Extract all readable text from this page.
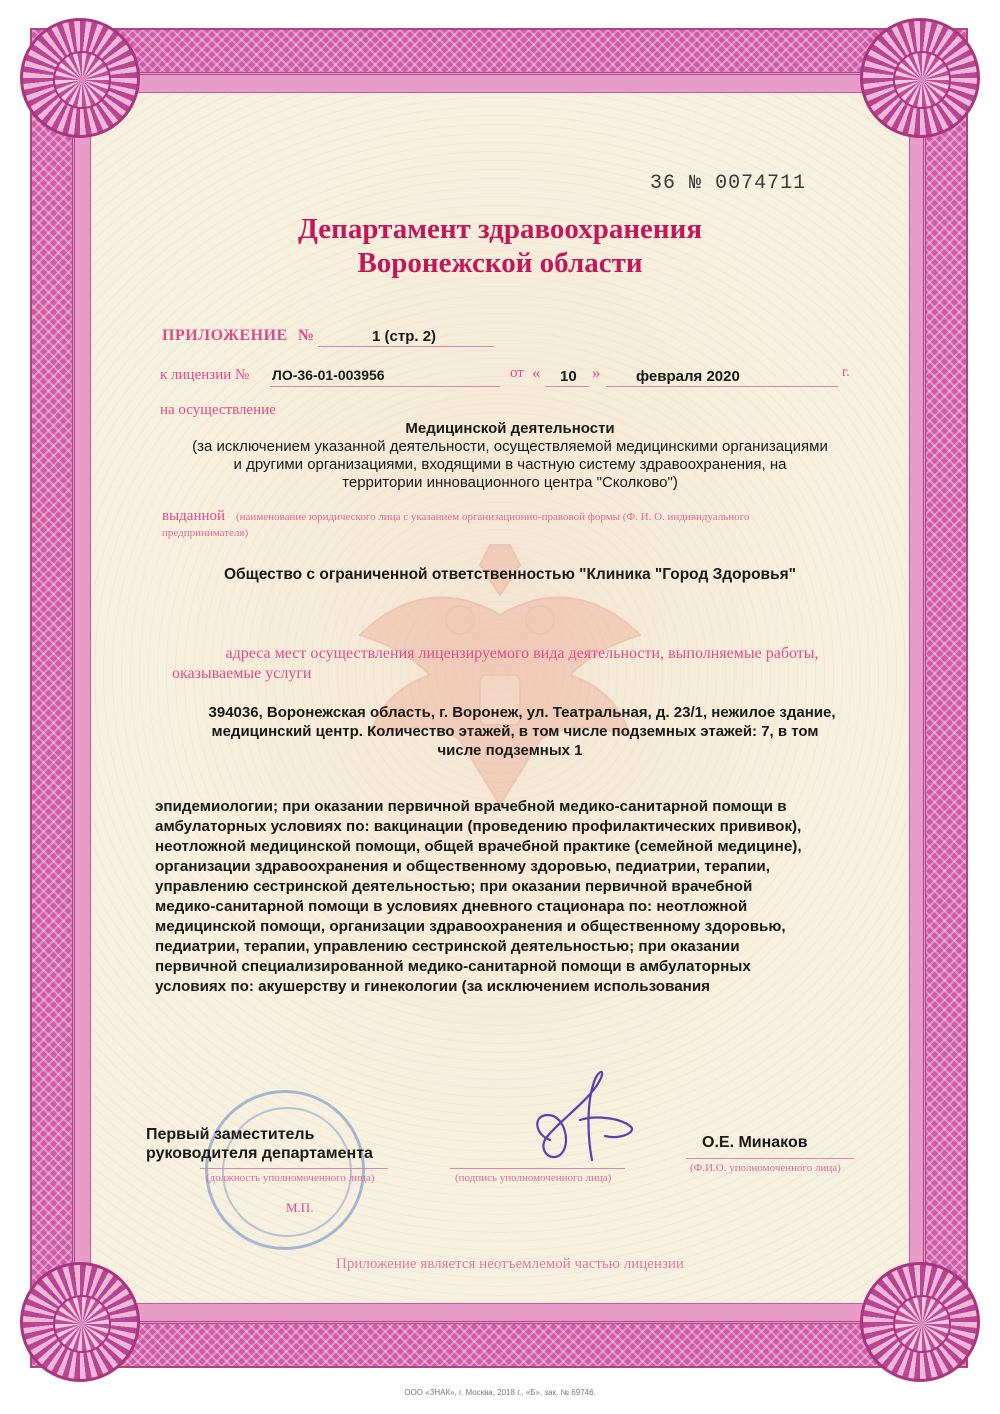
36 № 0074711
Департамент здравоохранения
Воронежской области
ПРИЛОЖЕНИЕ №	1 (стр. 2)
к лицензии № ЛО-36-01-003956	от « 10 » февраля 2020	г.
на осуществление
Медицинской деятельности
(за исключением указанной деятельности, осуществляемой медицинскими организациями
и другими организациями, входящими в частную систему здравоохранения, на
территории инновационного центра "Сколково")
выданной (наименование юридического лица с указанием организационно-правовой формы (Ф. И. О. индивидуального
предпринимателя)
Общество с ограниченной ответственностью "Клиника "Город Здоровья"
адреса мест осуществления лицензируемого вида деятельности, выполняемые работы,
оказываемые услуги
394036, Воронежская область, г. Воронеж, ул. Театральная, д. 23/1, нежилое здание,
медицинский центр. Количество этажей, в том числе подземных этажей: 7, в том
числе подземных 1
эпидемиологии; при оказании первичной врачебной медико-санитарной помощи в
амбулаторных условиях по: вакцинации (проведению профилактических прививок),
неотложной медицинской помощи, общей врачебной практике (семейной медицине),
организации здравоохранения и общественному здоровью, педиатрии, терапии,
управлению сестринской деятельностью; при оказании первичной врачебной
медико-санитарной помощи в условиях дневного стационара по: неотложной
медицинской помощи, организации здравоохранения и общественному здоровью,
педиатрии, терапии, управлению сестринской деятельностью; при оказании
первичной специализированной медико-санитарной помощи в амбулаторных
условиях по: акушерству и гинекологии (за исключением использования
Первый заместитель
руководителя департамента
(должность уполномоченного лица)	(подпись уполномоченного лица)
О.Е. Минаков
(Ф.И.О. уполномоченного лица)
М.П.
Приложение является неотъемлемой частью лицензии
ООО «ЗНАК», г. Москва, 2018 г., «Б», зак. № 69746.
